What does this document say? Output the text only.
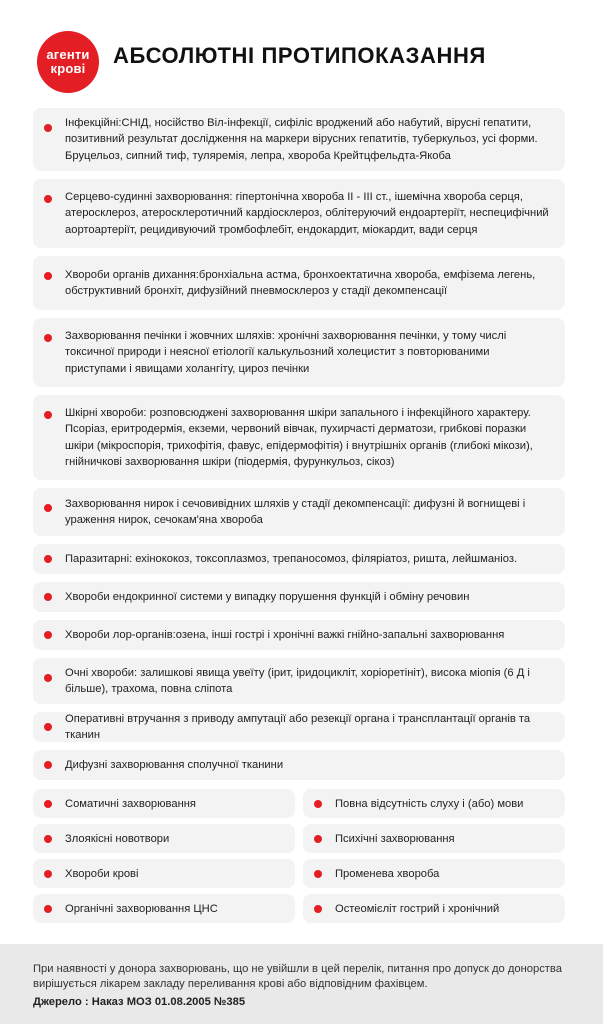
агенти
крові
АБСОЛЮТНІ ПРОТИПОКАЗАННЯ
Інфекційні:СНІД, носійство Віл-інфекції, сифіліс вроджений або набутий, вірусні гепатити, позитивний результат дослідження на маркери вірусних гепатитів, туберкульоз, усі форми. Бруцельоз, сипний тиф, туляремія, лепра, хвороба Крейтцфельдта-Якоба
Серцево-судинні захворювання: гіпертонічна хвороба ІІ - ІІІ ст., ішемічна хвороба серця, атеросклероз, атеросклеротичний кардіосклероз, облітеруючий ендоартеріїт, неспецифічний аортоартеріїт, рецидивуючий тромбофлебіт, ендокардит, міокардит, вади серця
Хвороби органів дихання:бронхіальна астма, бронхоектатична хвороба, емфізема легень, обструктивний бронхіт, дифузійний пневмосклероз у стадії декомпенсації
Захворювання печінки і жовчних шляхів: хронічні захворювання печінки, у тому числі токсичної природи і неясної етіології калькульозний холецистит з повторюваними приступами і явищами холангіту, цироз печінки
Шкірні хвороби: розповсюджені захворювання шкіри запального і інфекційного характеру. Псоріаз, еритродермія, екземи, червоний вівчак, пухирчасті дерматози, грибкові поразки шкіри (мікроспорія, трихофітія, фавус, епідермофітія) і внутрішніх органів (глибокі мікози), гнійничкові захворювання шкіри (піодермія, фурункульоз, сікоз)
Захворювання нирок і сечовивідних шляхів у стадії декомпенсації: дифузні й вогнищеві і ураження нирок, сечокам'яна хвороба
Паразитарні: ехінококоз, токсоплазмоз, трепаносомоз, філяріатоз, ришта, лейшманіоз.
Хвороби ендокринної системи у випадку порушення функцій і обміну речовин
Хвороби лор-органів:озена, інші гострі і хронічні важкі гнійно-запальні захворювання
Очні хвороби: залишкові явища увеїту (ірит, іридоцикліт, хоріоретініт), висока міопія (6 Д і більше), трахома, повна сліпота
Оперативні втручання з приводу ампутації або резекції органа і трансплантації органів та тканин
Дифузні захворювання сполучної тканини
Соматичні захворювання	Повна відсутність слуху і (або) мови
Злоякісні новотвори	Психічні захворювання
Хвороби крові	Променева хвороба
Органічні захворювання ЦНС	Остеомієліт гострий і хронічний
При наявності у донора захворювань, що не увійшли в цей перелік, питання про допуск до донорства вирішується лікарем закладу переливання крові або відповідним фахівцем.
Джерело : Наказ МОЗ 01.08.2005 №385
